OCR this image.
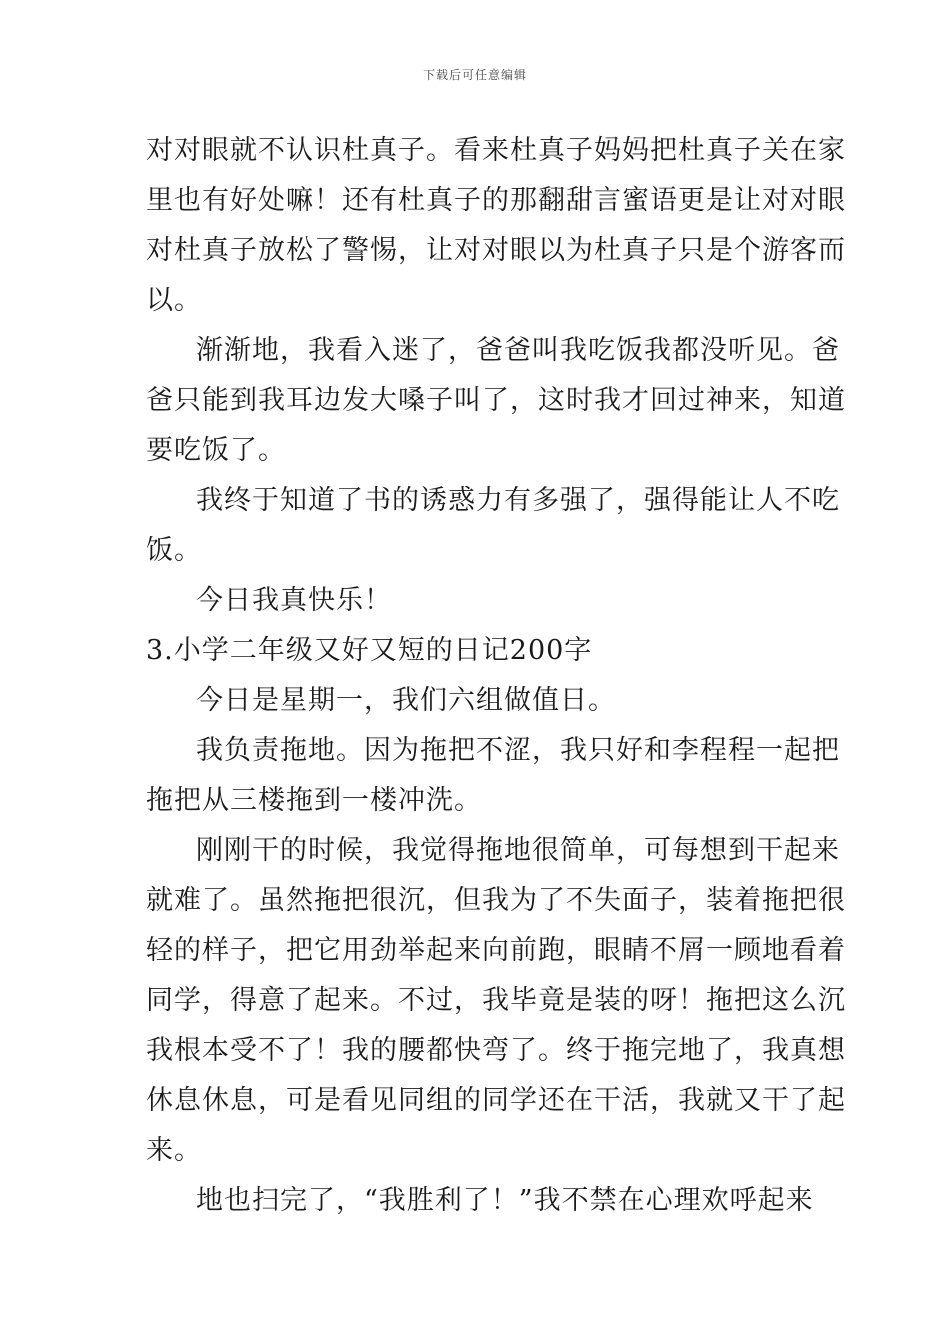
下载后可任意编辑
对对眼就不认识杜真子。看来杜真子妈妈把杜真子关在家
里也有好处嘛！还有杜真子的那翻甜言蜜语更是让对对眼
对杜真子放松了警惕，让对对眼以为杜真子只是个游客而
以。
渐渐地，我看入迷了，爸爸叫我吃饭我都没听见。爸
爸只能到我耳边发大嗓子叫了，这时我才回过神来，知道
要吃饭了。
我终于知道了书的诱惑力有多强了，强得能让人不吃
饭。
今日我真快乐！
3.小学二年级又好又短的日记200字
今日是星期一，我们六组做值日。
我负责拖地。因为拖把不涩，我只好和李程程一起把
拖把从三楼拖到一楼冲洗。
刚刚干的时候，我觉得拖地很简单，可每想到干起来
就难了。虽然拖把很沉，但我为了不失面子，装着拖把很
轻的样子，把它用劲举起来向前跑，眼睛不屑一顾地看着
同学，得意了起来。不过，我毕竟是装的呀！拖把这么沉
我根本受不了！我的腰都快弯了。终于拖完地了，我真想
休息休息，可是看见同组的同学还在干活，我就又干了起
来。
地也扫完了，“我胜利了！”我不禁在心理欢呼起来
